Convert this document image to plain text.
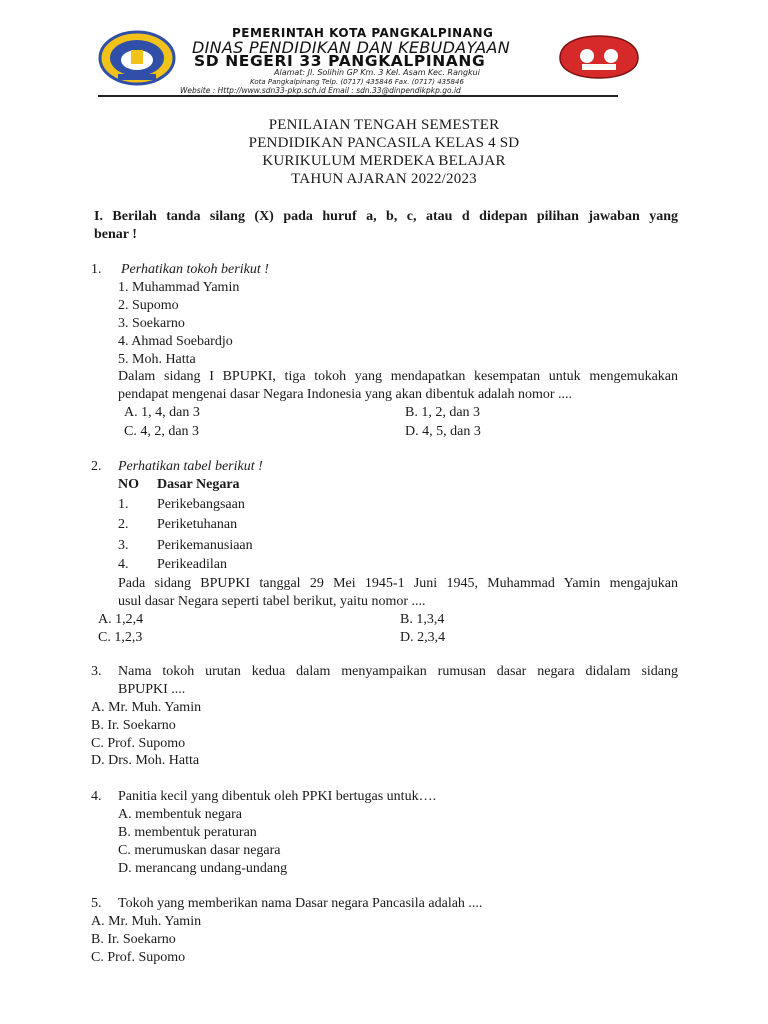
PEMERINTAH KOTA PANGKALPINANG
DINAS PENDIDIKAN DAN KEBUDAYAAN
SD NEGERI 33 PANGKALPINANG
Alamat: Jl. Solihin GP Km. 3 Kel. Asam Kec. Rangkui
Kota Pangkalpinang Telp. (0717) 435846 Fax. (0717) 435846
Website : Http://www.sdn33-pkp.sch.id Email : sdn.33@dinpendikpkp.go.id
PENILAIAN TENGAH SEMESTER
PENDIDIKAN PANCASILA KELAS 4 SD
KURIKULUM MERDEKA BELAJAR
TAHUN AJARAN 2022/2023
I. Berilah tanda silang (X) pada huruf a, b, c, atau d didepan pilihan jawaban yang
benar !
1. Perhatikan tokoh berikut !
1. Muhammad Yamin
2. Supomo
3. Soekarno
4. Ahmad Soebardjo
5. Moh. Hatta
Dalam sidang I BPUPKI, tiga tokoh yang mendapatkan kesempatan untuk mengemukakan
pendapat mengenai dasar Negara Indonesia yang akan dibentuk adalah nomor ....
A. 1, 4, dan 3	B. 1, 2, dan 3
C. 4, 2, dan 3	D. 4, 5, dan 3
2. Perhatikan tabel berikut !
NO Dasar Negara
1. Perikebangsaan
2. Periketuhanan
3. Perikemanusiaan
4. Perikeadilan
Pada sidang BPUPKI tanggal 29 Mei 1945-1 Juni 1945, Muhammad Yamin mengajukan
usul dasar Negara seperti tabel berikut, yaitu nomor ....
A. 1,2,4	B. 1,3,4
C. 1,2,3	D. 2,3,4
3. Nama tokoh urutan kedua dalam menyampaikan rumusan dasar negara didalam sidang
BPUPKI ....
A. Mr. Muh. Yamin
B. Ir. Soekarno
C. Prof. Supomo
D. Drs. Moh. Hatta
4. Panitia kecil yang dibentuk oleh PPKI bertugas untuk….
A. membentuk negara
B. membentuk peraturan
C. merumuskan dasar negara
D. merancang undang-undang
5. Tokoh yang memberikan nama Dasar negara Pancasila adalah ....
A. Mr. Muh. Yamin
B. Ir. Soekarno
C. Prof. Supomo
